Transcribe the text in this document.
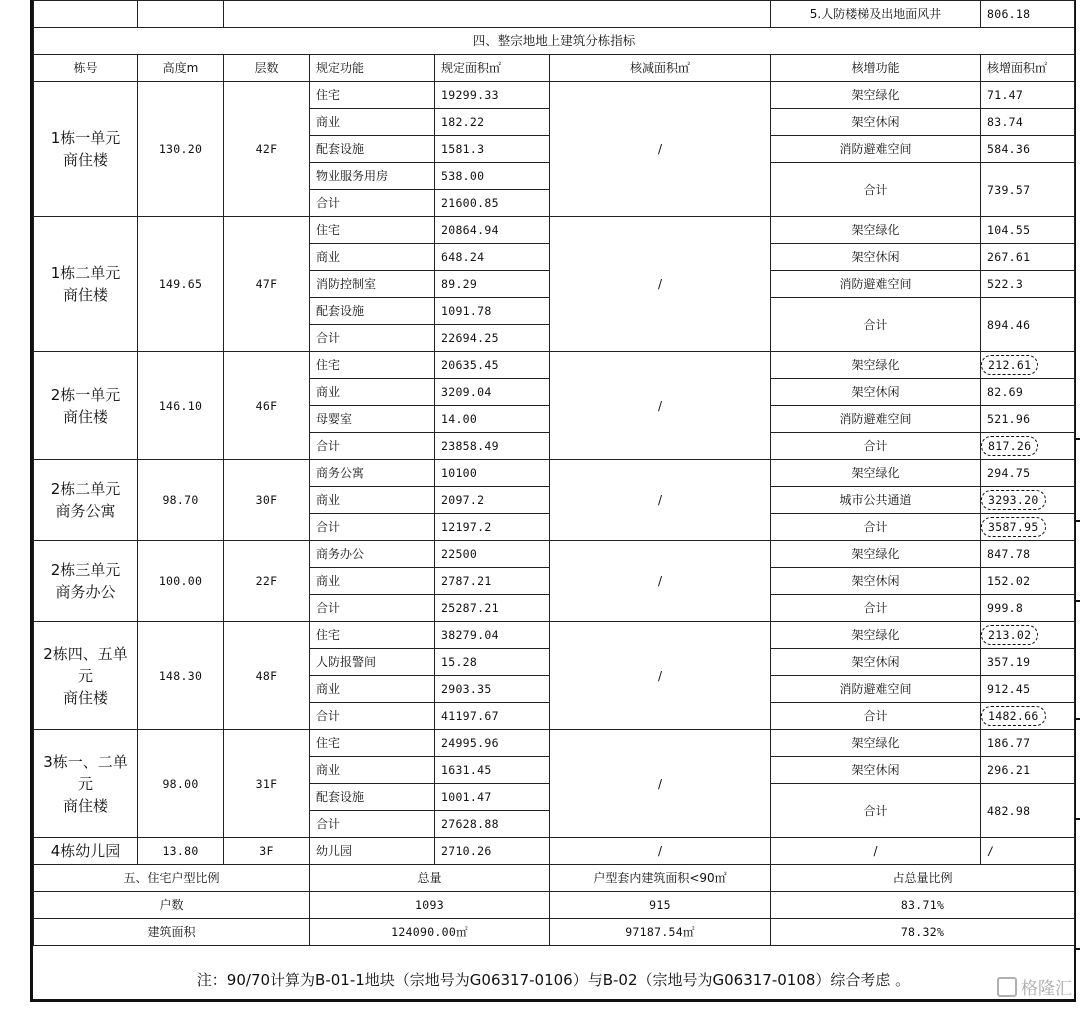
						5.人防楼梯及出地面风井	806.18
四、整宗地地上建筑分栋指标							
栋号	高度m	层数	规定功能	规定面积㎡	核减面积㎡	核增功能	核增面积㎡
1栋一单元
商住楼	130.20	42F	住宅	19299.33	/	架空绿化	71.47
			商业	182.22		架空休闲	83.74
			配套设施	1581.3		消防避难空间	584.36
			物业服务用房	538.00		合计	739.57
			合计	21600.85			
1栋二单元
商住楼	149.65	47F	住宅	20864.94	/	架空绿化	104.55
			商业	648.24		架空休闲	267.61
			消防控制室	89.29		消防避难空间	522.3
			配套设施	1091.78		合计	894.46
			合计	22694.25			
2栋一单元
商住楼	146.10	46F	住宅	20635.45	/	架空绿化	212.61
			商业	3209.04		架空休闲	82.69
			母婴室	14.00		消防避难空间	521.96
			合计	23858.49		合计	817.26
2栋二单元
商务公寓	98.70	30F	商务公寓	10100	/	架空绿化	294.75
			商业	2097.2		城市公共通道	3293.20
			合计	12197.2		合计	3587.95
2栋三单元
商务办公	100.00	22F	商务办公	22500	/	架空绿化	847.78
			商业	2787.21		架空休闲	152.02
			合计	25287.21		合计	999.8
2栋四、五单元
商住楼	148.30	48F	住宅	38279.04	/	架空绿化	213.02
			人防报警间	15.28		架空休闲	357.19
			商业	2903.35		消防避难空间	912.45
			合计	41197.67		合计	1482.66
3栋一、二单元
商住楼	98.00	31F	住宅	24995.96	/	架空绿化	186.77
			商业	1631.45		架空休闲	296.21
			配套设施	1001.47		合计	482.98
			合计	27628.88			
4栋幼儿园	13.80	3F	幼儿园	2710.26	/	/	/
五、住宅户型比例			总量		户型套内建筑面积<90㎡	占总量比例	
户数			1093		915	83.71%	
建筑面积			124090.00㎡		97187.54㎡	78.32%	
注：90/70计算为B-01-1地块（宗地号为G06317-0106）与B-02（宗地号为G06317-0108）综合考虑 。	格隆汇
